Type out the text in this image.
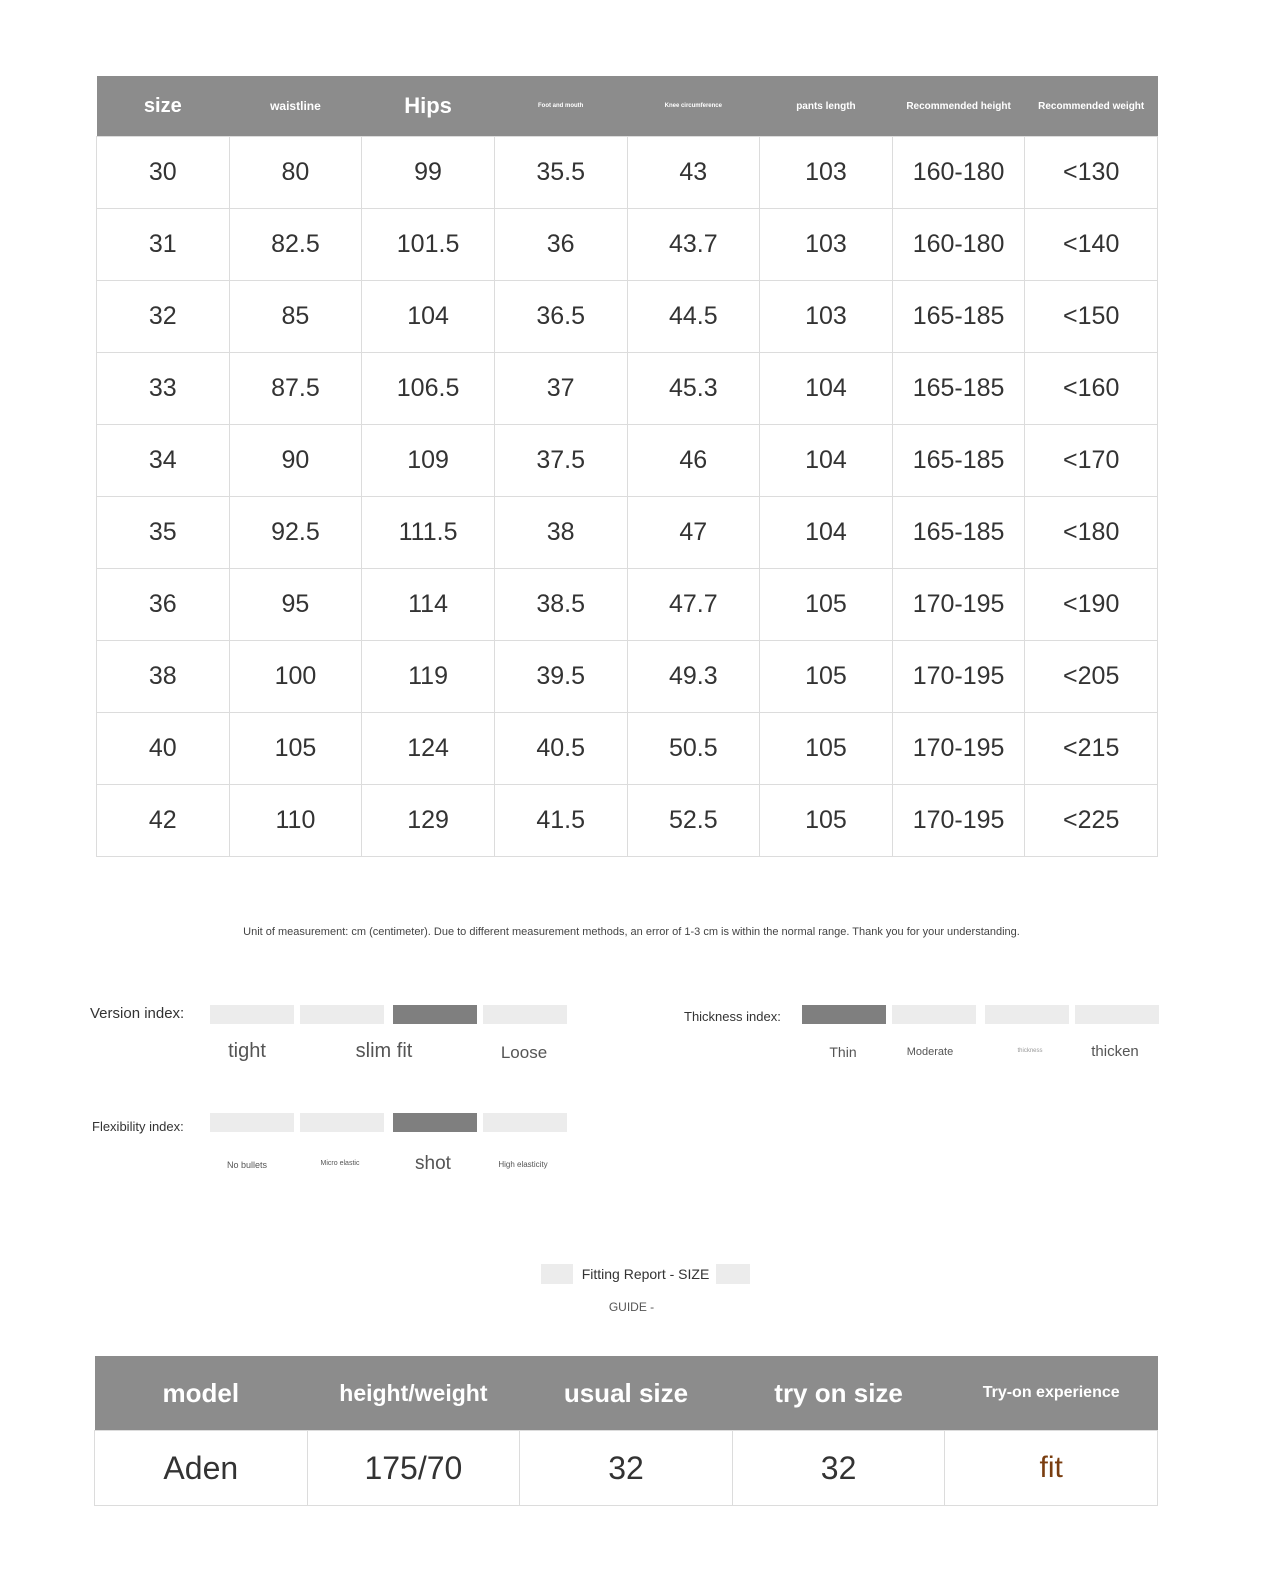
size	waistline	Hips	Foot and mouth	Knee circumference	pants length	Recommended height	Recommended weight
30	80	99	35.5	43	103	160-180	<130
31	82.5	101.5	36	43.7	103	160-180	<140
32	85	104	36.5	44.5	103	165-185	<150
33	87.5	106.5	37	45.3	104	165-185	<160
34	90	109	37.5	46	104	165-185	<170
35	92.5	111.5	38	47	104	165-185	<180
36	95	114	38.5	47.7	105	170-195	<190
38	100	119	39.5	49.3	105	170-195	<205
40	105	124	40.5	50.5	105	170-195	<215
42	110	129	41.5	52.5	105	170-195	<225
Unit of measurement: cm (centimeter). Due to different measurement methods, an error of 1-3 cm is within the normal range. Thank you for your understanding.
Version index:
tight	slim fit	Loose
Thickness index:
Thin	Moderate	thickness	thicken
Flexibility index:
No bullets	Micro elastic	shot	High elasticity
Fitting Report - SIZE
GUIDE -
model	height/weight	usual size	try on size	Try-on experience
Aden	175/70	32	32	fit
